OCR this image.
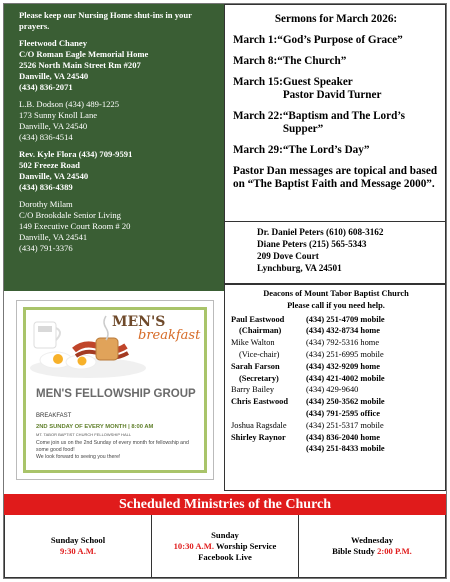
Please keep our Nursing Home shut-ins in your prayers.
Fleetwood Chaney
C/O Roman Eagle Memorial Home
2526 North Main Street Rm #207
Danville, VA 24540
(434) 836-2071
L.B. Dodson (434) 489-1225
173 Sunny Knoll Lane
Danville, VA 24540
(434) 836-4514
Rev. Kyle Flora (434) 709-9591
502 Freeze Road
Danville, VA 24540
(434) 836-4389
Dorothy Milam
C/O Brookdale Senior Living
149 Executive Court Room # 20
Danville, VA 24541
(434) 791-3376
Sermons for March 2026:
March 1: “God’s Purpose of Grace”
March 8: “The Church”
March 15: Guest Speaker
Pastor David Turner
March 22: “Baptism and The Lord’s
Supper”
March 29: “The Lord’s Day”
Pastor Dan messages are topical and based on “The Baptist Faith and Message 2000”.
Dr. Daniel Peters (610) 608-3162
Diane Peters (215) 565-5343
209 Dove Court
Lynchburg, VA 24501
MEN'S
breakfast
MEN'S FELLOWSHIP GROUP
BREAKFAST
2ND SUNDAY OF EVERY MONTH | 8:00 AM
MT. TABOR BAPTIST CHURCH FELLOWSHIP HALL
Come join us on the 2nd Sunday of every month for fellowship and some good food!
We look forward to seeing you there!
Deacons of Mount Tabor Baptist Church
Please call if you need help.
Paul Eastwood	(434) 251-4709 mobile
(Chairman)	(434) 432-8734 home
Mike Walton	(434) 792-5316 home
(Vice-chair)	(434) 251-6995 mobile
Sarah Farson	(434) 432-9209 home
(Secretary)	(434) 421-4002 mobile
Barry Bailey	(434) 429-9640
Chris Eastwood	(434) 250-3562 mobile
(434) 791-2595 office
Joshua Ragsdale	(434) 251-5317 mobile
Shirley Raynor	(434) 836-2040 home
(434) 251-8433 mobile
Scheduled Ministries of the Church
Sunday School
9:30 A.M.
Sunday
10:30 A.M. Worship Service
Facebook Live
Wednesday
Bible Study 2:00 P.M.
